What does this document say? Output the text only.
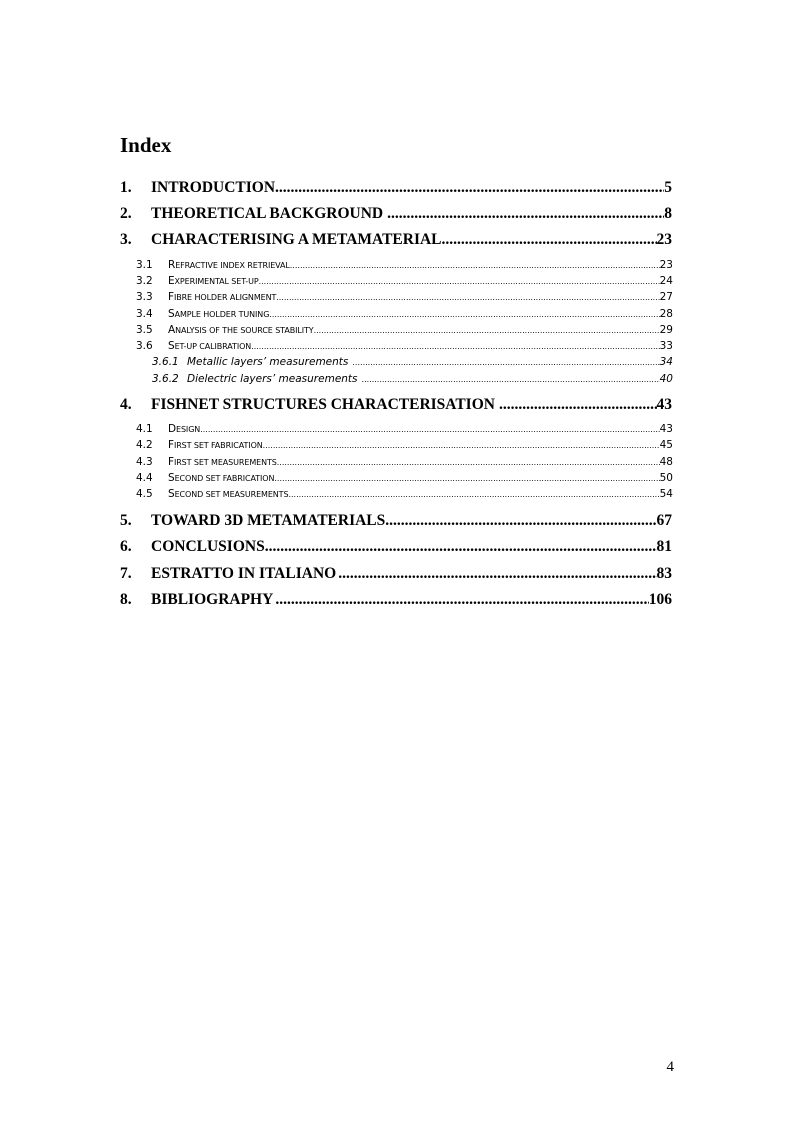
Index
1.	INTRODUCTION .....	5
2.	THEORETICAL BACKGROUND .....	8
3.	CHARACTERISING A METAMATERIAL .....	23
3.1	REFRACTIVE INDEX RETRIEVAL .....	23
3.2	EXPERIMENTAL SET-UP .....	24
3.3	FIBRE HOLDER ALIGNMENT .....	27
3.4	SAMPLE HOLDER TUNING .....	28
3.5	ANALYSIS OF THE SOURCE STABILITY .....	29
3.6	SET-UP CALIBRATION .....	33
3.6.1 Metallic layers’ measurements .....	34
3.6.2 Dielectric layers’ measurements .....	40
4.	FISHNET STRUCTURES CHARACTERISATION .....	43
4.1	DESIGN .....	43
4.2	FIRST SET FABRICATION .....	45
4.3	FIRST SET MEASUREMENTS .....	48
4.4	SECOND SET FABRICATION .....	50
4.5	SECOND SET MEASUREMENTS .....	54
5.	TOWARD 3D METAMATERIALS .....	67
6.	CONCLUSIONS .....	81
7.	ESTRATTO IN ITALIANO .....	83
8.	BIBLIOGRAPHY .....	106
4
